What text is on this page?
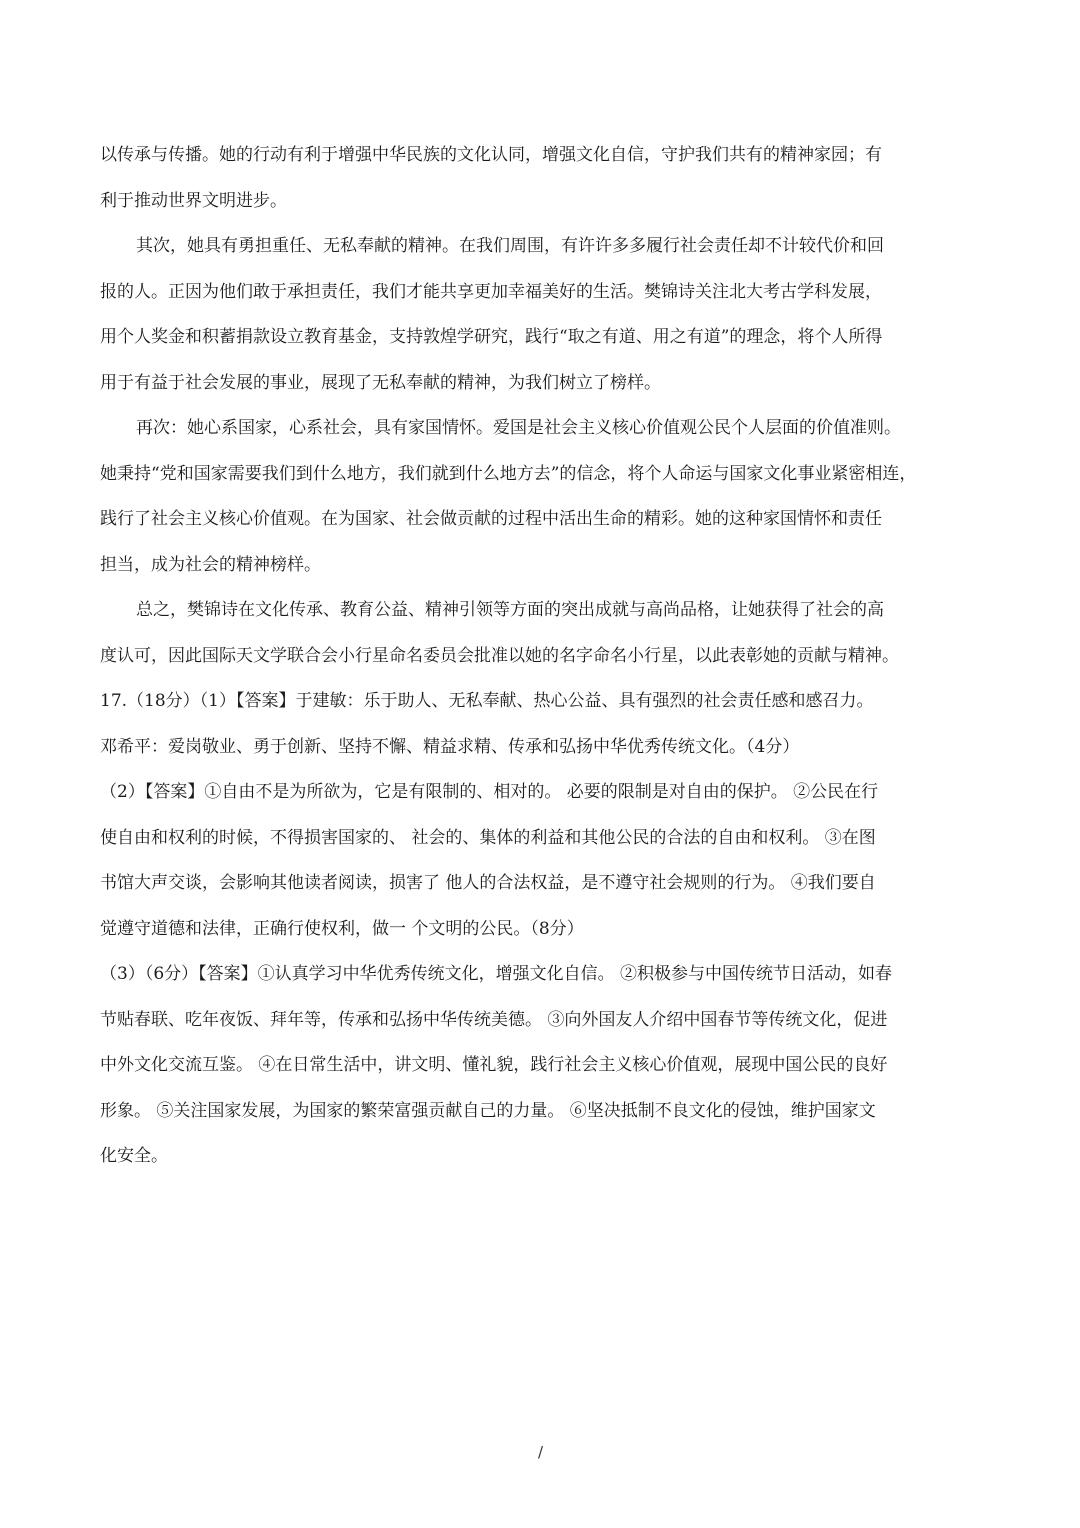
以传承与传播。她的行动有利于增强中华民族的文化认同，增强文化自信，守护我们共有的精神家园；有
利于推动世界文明进步。
其次，她具有勇担重任、无私奉献的精神。在我们周围，有许许多多履行社会责任却不计较代价和回
报的人。正因为他们敢于承担责任，我们才能共享更加幸福美好的生活。樊锦诗关注北大考古学科发展，
用个人奖金和积蓄捐款设立教育基金，支持敦煌学研究，践行“取之有道、用之有道”的理念，将个人所得
用于有益于社会发展的事业，展现了无私奉献的精神，为我们树立了榜样。
再次：她心系国家，心系社会，具有家国情怀。爱国是社会主义核心价值观公民个人层面的价值准则。
她秉持“党和国家需要我们到什么地方，我们就到什么地方去”的信念，将个人命运与国家文化事业紧密相连，
践行了社会主义核心价值观。在为国家、社会做贡献的过程中活出生命的精彩。她的这种家国情怀和责任
担当，成为社会的精神榜样。
总之，樊锦诗在文化传承、教育公益、精神引领等方面的突出成就与高尚品格，让她获得了社会的高
度认可，因此国际天文学联合会小行星命名委员会批准以她的名字命名小行星，以此表彰她的贡献与精神。
17.（18分）（1）【答案】于建敏：乐于助人、无私奉献、热心公益、具有强烈的社会责任感和感召力。
邓希平：爱岗敬业、勇于创新、坚持不懈、精益求精、传承和弘扬中华优秀传统文化。（4分）
（2）【答案】①自由不是为所欲为，它是有限制的、相对的。 必要的限制是对自由的保护。 ②公民在行
使自由和权利的时候，不得损害国家的、 社会的、集体的利益和其他公民的合法的自由和权利。 ③在图
书馆大声交谈，会影响其他读者阅读，损害了 他人的合法权益，是不遵守社会规则的行为。 ④我们要自
觉遵守道德和法律，正确行使权利，做一 个文明的公民。（8分）
（3）（6分）【答案】①认真学习中华优秀传统文化，增强文化自信。 ②积极参与中国传统节日活动，如春
节贴春联、吃年夜饭、拜年等，传承和弘扬中华传统美德。 ③向外国友人介绍中国春节等传统文化，促进
中外文化交流互鉴。 ④在日常生活中，讲文明、懂礼貌，践行社会主义核心价值观，展现中国公民的良好
形象。 ⑤关注国家发展，为国家的繁荣富强贡献自己的力量。 ⑥坚决抵制不良文化的侵蚀，维护国家文
化安全。
/
